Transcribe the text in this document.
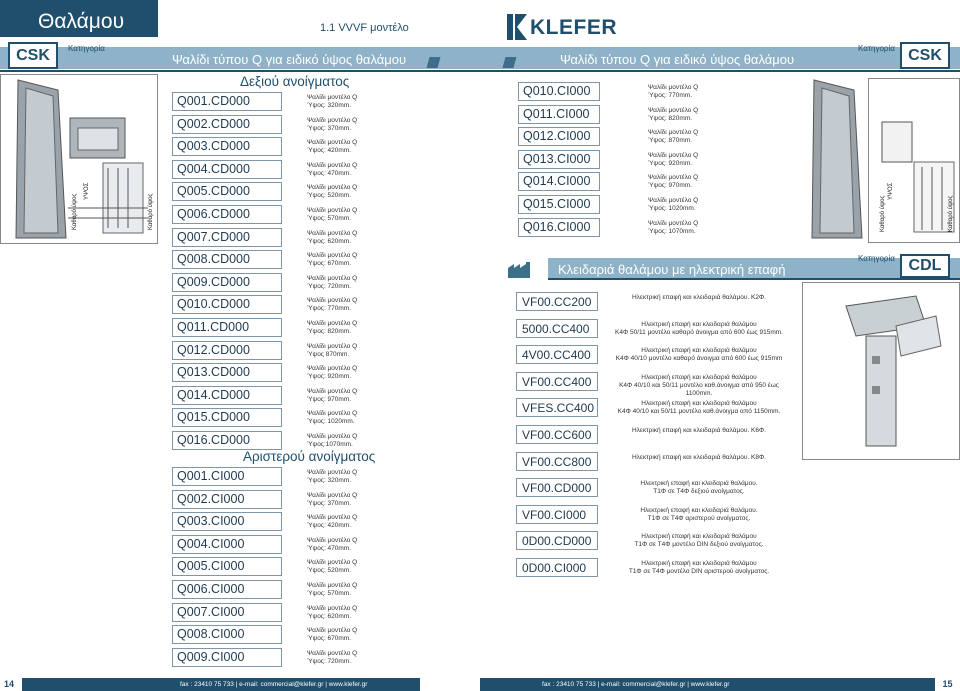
Θαλάμου	1.1 VVVF μοντέλο
CSK	Κατηγορία
Ψαλίδι τύπου Q για ειδικό ύψος θαλάμου	CSK
Κατηγορία
Ψαλίδι τύπου Q για ειδικό ύψος θαλάμου
KLEFER
ΥΨΟΣ
Καθαρό ύψος
Καθαρό ύψος
Δεξιού ανοίγματος
Q001.CD000	Ψαλίδι μοντέλο Q
Ύψος: 320mm.
Q002.CD000	Ψαλίδι μοντέλο Q
Ύψος: 370mm.
Q003.CD000	Ψαλίδι μοντέλο Q
Ύψος: 420mm.
Q004.CD000	Ψαλίδι μοντέλο Q
Ύψος: 470mm.
Q005.CD000	Ψαλίδι μοντέλο Q
Ύψος: 520mm.
Q006.CD000	Ψαλίδι μοντέλο Q
Ύψος: 570mm.
Q007.CD000	Ψαλίδι μοντέλο Q
Ύψος: 620mm.
Q008.CD000	Ψαλίδι μοντέλο Q
Ύψος: 670mm.
Q009.CD000	Ψαλίδι μοντέλο Q
Ύψος: 720mm.
Q010.CD000	Ψαλίδι μοντέλο Q
Ύψος: 770mm.
Q011.CD000	Ψαλίδι μοντέλο Q
Ύψος: 820mm.
Q012.CD000	Ψαλίδι μοντέλο Q
Ύψος 870mm.
Q013.CD000	Ψαλίδι μοντέλο Q
Ύψος: 920mm.
Q014.CD000	Ψαλίδι μοντέλο Q
Ύψος: 970mm.
Q015.CD000	Ψαλίδι μοντέλο Q
Ύψος: 1020mm.
Q016.CD000	Ψαλίδι μοντέλο Q
Ύψος:1070mm.
Αριστερού ανοίγματος
Q001.CI000	Ψαλίδι μοντέλο Q
Ύψος: 320mm.
Q002.CI000	Ψαλίδι μοντέλο Q
Ύψος: 370mm.
Q003.CI000	Ψαλίδι μοντέλο Q
Ύψος: 420mm.
Q004.CI000	Ψαλίδι μοντέλο Q
Ύψος: 470mm.
Q005.CI000	Ψαλίδι μοντέλο Q
Ύψος: 520mm.
Q006.CI000	Ψαλίδι μοντέλο Q
Ύψος: 570mm.
Q007.CI000	Ψαλίδι μοντέλο Q
Ύψος: 620mm.
Q008.CI000	Ψαλίδι μοντέλο Q
Ύψος: 670mm.
Q009.CI000	Ψαλίδι μοντέλο Q
Ύψος: 720mm.
Q010.CI000	Ψαλίδι μοντέλο Q
Ύψος: 770mm.
Q011.CI000	Ψαλίδι μοντέλο Q
Ύψος: 820mm.
Q012.CI000	Ψαλίδι μοντέλο Q
Ύψος: 870mm.
Q013.CI000	Ψαλίδι μοντέλο Q
Ύψος: 920mm.
Q014.CI000	Ψαλίδι μοντέλο Q
Ύψος: 970mm.
Q015.CI000	Ψαλίδι μοντέλο Q
Ύψος: 1020mm.
Q016.CI000	Ψαλίδι μοντέλο Q
Ύψος: 1070mm.	Καθαρό ύψος
ΥΨΟΣ
Καθαρό ύψος
Κλειδαριά θαλάμου με ηλεκτρική επαφή
Κατηγορία CDL
VF00.CC200	Ηλεκτρική επαφή και κλειδαριά θαλάμου. Κ2Φ.
5000.CC400	Ηλεκτρική επαφή και κλειδαριά θαλάμου
Κ4Φ 50/11 μοντέλο καθαρό άνοιγμα από 600 έως 915mm.
4V00.CC400	Ηλεκτρική επαφή και κλειδαριά θαλάμου
Κ4Φ 40/10 μοντέλο καθαρό άνοιγμα από 600 έως 915mm
VF00.CC400	Ηλεκτρική επαφή και κλειδαριά θαλάμου
Κ4Φ 40/10 και 50/11 μοντέλο καθ.άνοιγμα από 950 έως
1100mm.
VFES.CC400	Ηλεκτρική επαφή και κλειδαριά θαλάμου
Κ4Φ 40/10 και 50/11 μοντέλο καθ.άνοιγμα από 1150mm.
VF00.CC600	Ηλεκτρική επαφή και κλειδαριά θαλάμου. Κ6Φ.
VF00.CC800	Ηλεκτρική επαφή και κλειδαριά θαλάμου. Κ8Φ.
VF00.CD000	Ηλεκτρική επαφή και κλειδαριά θαλάμου.
Τ1Φ σε Τ4Φ δεξιού ανοίγματος.
VF00.CI000	Ηλεκτρική επαφή και κλειδαριά θαλάμου.
Τ1Φ σε Τ4Φ αριστερού ανοίγματος.
0D00.CD000	Ηλεκτρική επαφή και κλειδαριά θαλάμου
Τ1Φ σε Τ4Φ μοντέλο DIN δεξιού ανοίγματος.
0D00.CI000	Ηλεκτρική επαφή και κλειδαριά θαλάμου
Τ1Φ σε Τ4Φ μοντέλο DIN αριστερού ανοίγματος.
14	fax : 23410 75 733 | e-mail: commercial@klefer.gr | www.klefer.gr	fax : 23410 75 733 | e-mail: commercial@klefer.gr | www.klefer.gr	15
